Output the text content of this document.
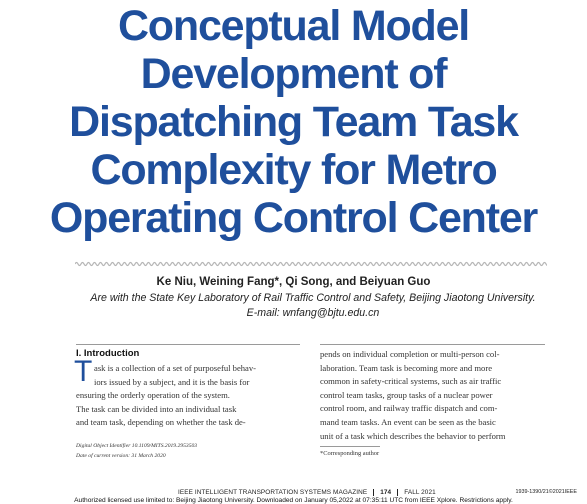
Conceptual Model
Development of
Dispatching Team Task
Complexity for Metro
Operating Control Center
Ke Niu, Weining Fang*, Qi Song, and Beiyuan Guo
Are with the State Key Laboratory of Rail Traffic Control and Safety, Beijing Jiaotong University.
E-mail: wnfang@bjtu.edu.cn
I. Introduction
T ask is a collection of a set of purposeful behav-
iors issued by a subject, and it is the basis for
ensuring the orderly operation of the system.
The task can be divided into an individual task
and team task, depending on whether the task de-
pends on individual completion or multi-person col-
laboration. Team task is becoming more and more
common in safety-critical systems, such as air traffic
control team tasks, group tasks of a nuclear power
control room, and railway traffic dispatch and com-
mand team tasks. An event can be seen as the basic
unit of a task which describes the behavior to perform
Digital Object Identifier 10.1109/MITS.2019.2953503
Date of current version: 31 March 2020	*Corresponding author
IEEE INTELLIGENT TRANSPORTATION SYSTEMS MAGAZINE 174 FALL 2021	1939-1390/21©2021IEEE
Authorized licensed use limited to: Beijing Jiaotong University. Downloaded on January 05,2022 at 07:35:11 UTC from IEEE Xplore. Restrictions apply.
